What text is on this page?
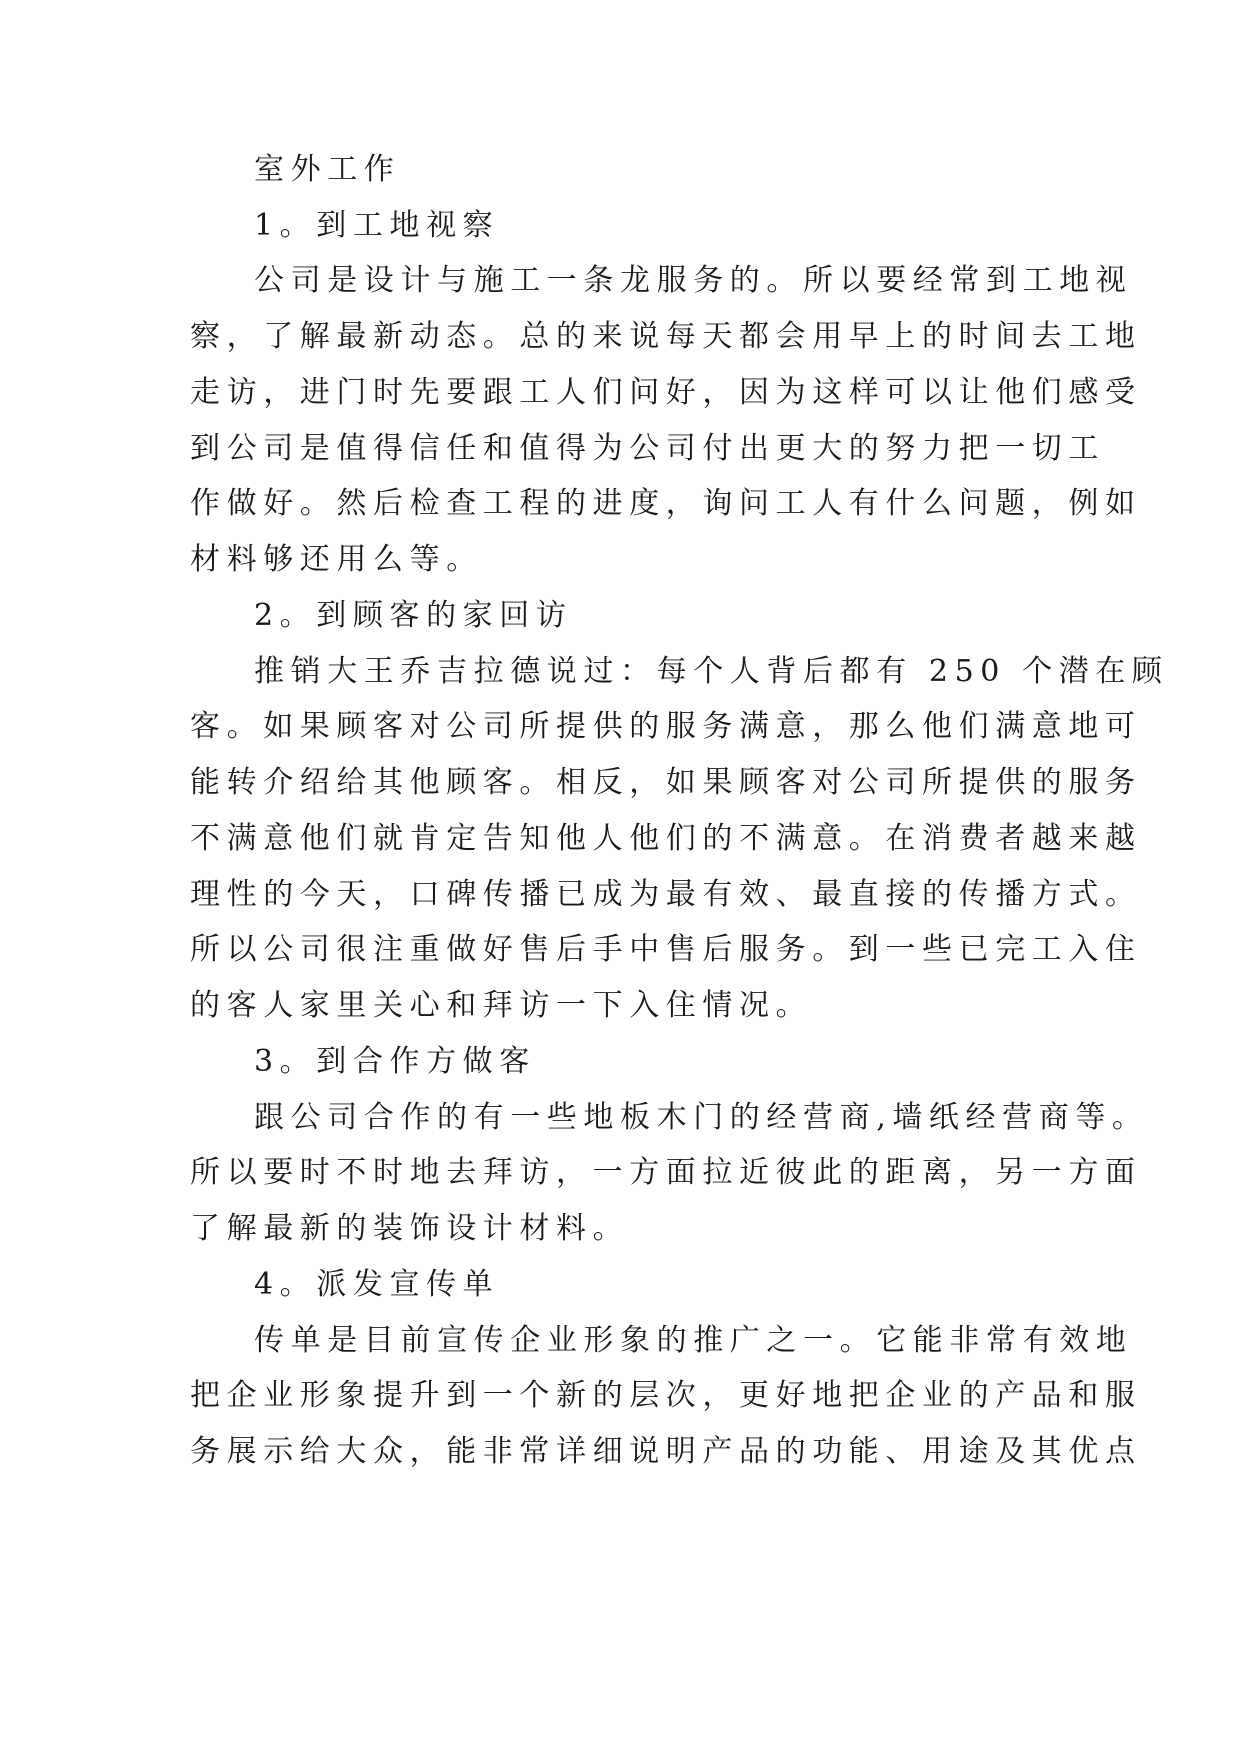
室外工作

1。到工地视察

公司是设计与施工一条龙服务的。所以要经常到工地视

察，了解最新动态。总的来说每天都会用早上的时间去工地

走访，进门时先要跟工人们问好，因为这样可以让他们感受

到公司是值得信任和值得为公司付出更大的努力把一切工

作做好。然后检查工程的进度，询问工人有什么问题，例如

材料够还用么等。

2。到顾客的家回访

推销大王乔吉拉德说过：每个人背后都有 250 个潜在顾

客。如果顾客对公司所提供的服务满意，那么他们满意地可

能转介绍给其他顾客。相反，如果顾客对公司所提供的服务

不满意他们就肯定告知他人他们的不满意。在消费者越来越

理性的今天，口碑传播已成为最有效、最直接的传播方式。

所以公司很注重做好售后手中售后服务。到一些已完工入住

的客人家里关心和拜访一下入住情况。

3。到合作方做客

跟公司合作的有一些地板木门的经营商,墙纸经营商等。

所以要时不时地去拜访，一方面拉近彼此的距离，另一方面

了解最新的装饰设计材料。

4。派发宣传单

传单是目前宣传企业形象的推广之一。它能非常有效地

把企业形象提升到一个新的层次，更好地把企业的产品和服

务展示给大众，能非常详细说明产品的功能、用途及其优点
